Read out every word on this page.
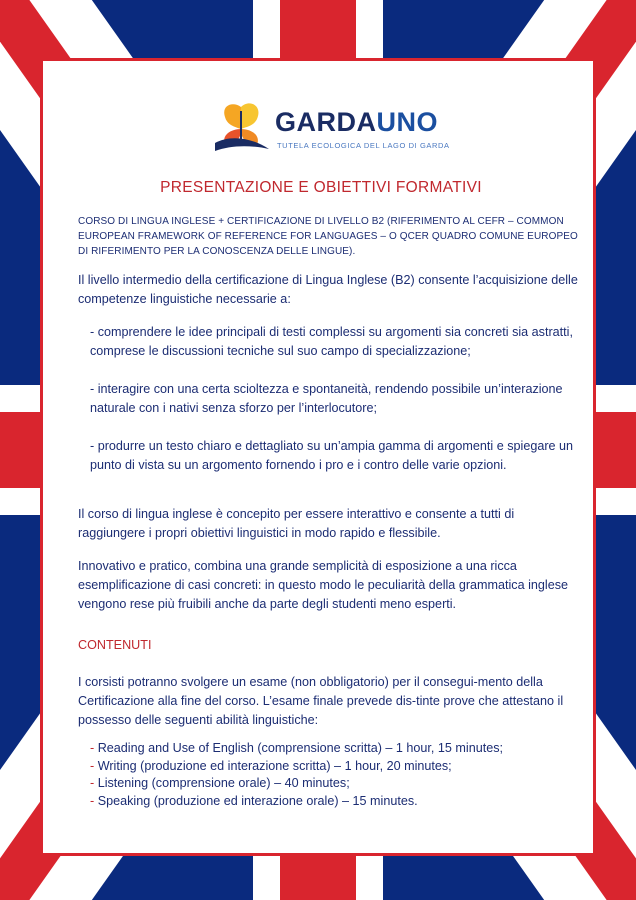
GARDAUNO
TUTELA ECOLOGICA DEL LAGO DI GARDA
PRESENTAZIONE E OBIETTIVI FORMATIVI
CORSO DI LINGUA INGLESE + CERTIFICAZIONE DI LIVELLO B2 (RIFERIMENTO AL CEFR – COMMON EUROPEAN FRAMEWORK OF REFERENCE FOR LANGUAGES – O QCER QUADRO COMUNE EUROPEO DI RIFERIMENTO PER LA CONOSCENZA DELLE LINGUE).
Il livello intermedio della certificazione di Lingua Inglese (B2) consente l’acquisizione delle competenze linguistiche necessarie a:
- comprendere le idee principali di testi complessi su argomenti sia concreti sia astratti, comprese le discussioni tecniche sul suo campo di specializzazione;
- interagire con una certa scioltezza e spontaneità, rendendo possibile un’interazione naturale con i nativi senza sforzo per l’interlocutore;
- produrre un testo chiaro e dettagliato su un’ampia gamma di argomenti e spiegare un punto di vista su un argomento fornendo i pro e i contro delle varie opzioni.
Il corso di lingua inglese è concepito per essere interattivo e consente a tutti di raggiungere i propri obiettivi linguistici in modo rapido e flessibile.
Innovativo e pratico, combina una grande semplicità di esposizione a una ricca esemplificazione di casi concreti: in questo modo le peculiarità della grammatica inglese vengono rese più fruibili anche da parte degli studenti meno esperti.
CONTENUTI
I corsisti potranno svolgere un esame (non obbligatorio) per il consegui-mento della Certificazione alla fine del corso. L’esame finale prevede dis-tinte prove che attestano il possesso delle seguenti abilità linguistiche:
- Reading and Use of English (comprensione scritta) – 1 hour, 15 minutes;
- Writing (produzione ed interazione scritta) – 1 hour, 20 minutes;
- Listening (comprensione orale) – 40 minutes;
- Speaking (produzione ed interazione orale) – 15 minutes.
